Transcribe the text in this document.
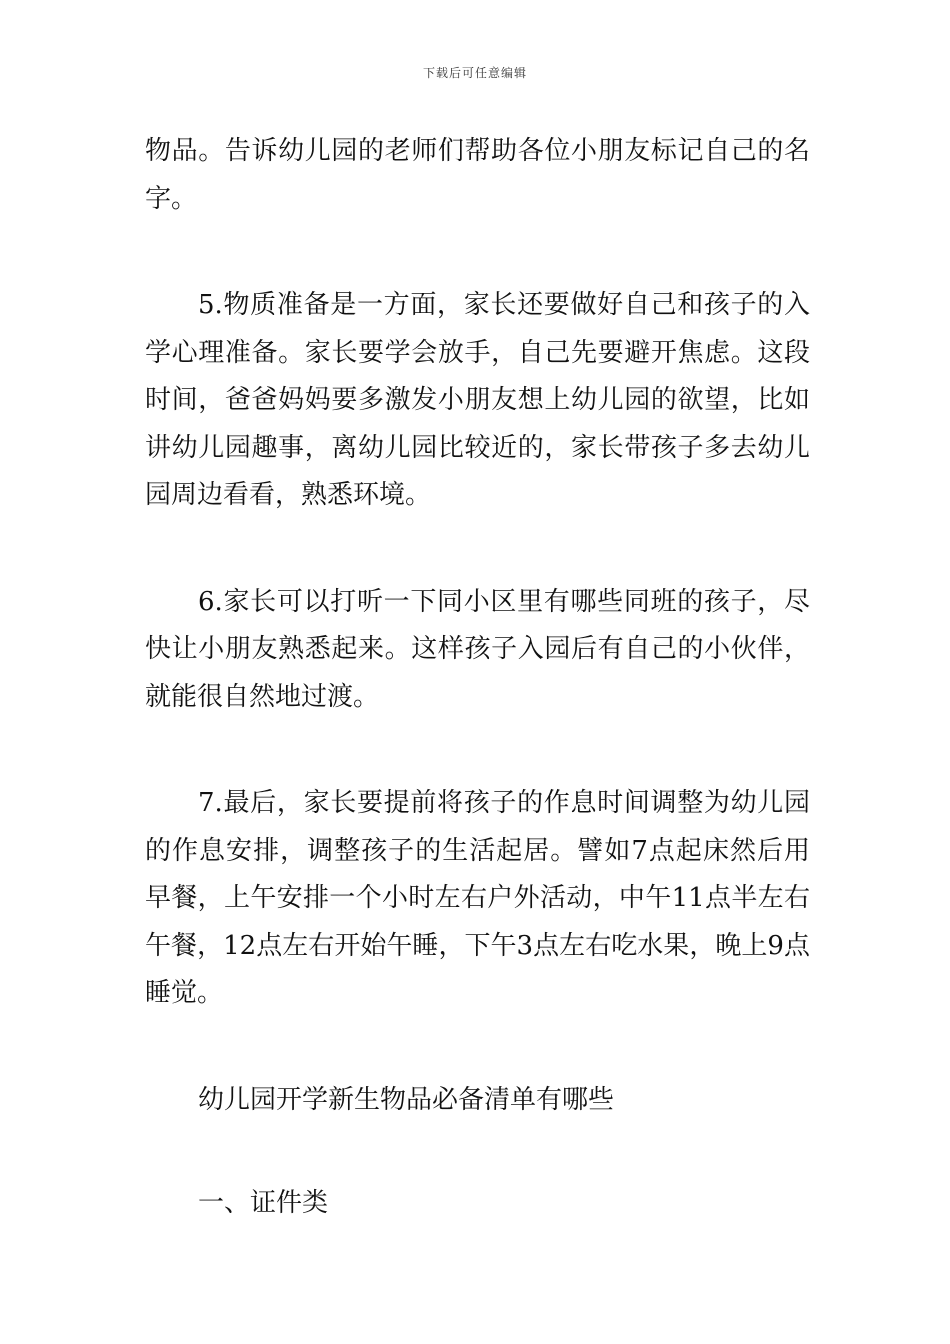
下载后可任意编辑

物品。告诉幼儿园的老师们帮助各位小朋友标记自己的名字。

5.物质准备是一方面，家长还要做好自己和孩子的入学心理准备。家长要学会放手，自己先要避开焦虑。这段时间，爸爸妈妈要多激发小朋友想上幼儿园的欲望，比如讲幼儿园趣事，离幼儿园比较近的，家长带孩子多去幼儿园周边看看，熟悉环境。

6.家长可以打听一下同小区里有哪些同班的孩子，尽快让小朋友熟悉起来。这样孩子入园后有自己的小伙伴，就能很自然地过渡。

7.最后，家长要提前将孩子的作息时间调整为幼儿园的作息安排，调整孩子的生活起居。譬如7点起床然后用早餐，上午安排一个小时左右户外活动，中午11点半左右午餐，12点左右开始午睡，下午3点左右吃水果，晚上9点睡觉。

幼儿园开学新生物品必备清单有哪些

一、证件类
